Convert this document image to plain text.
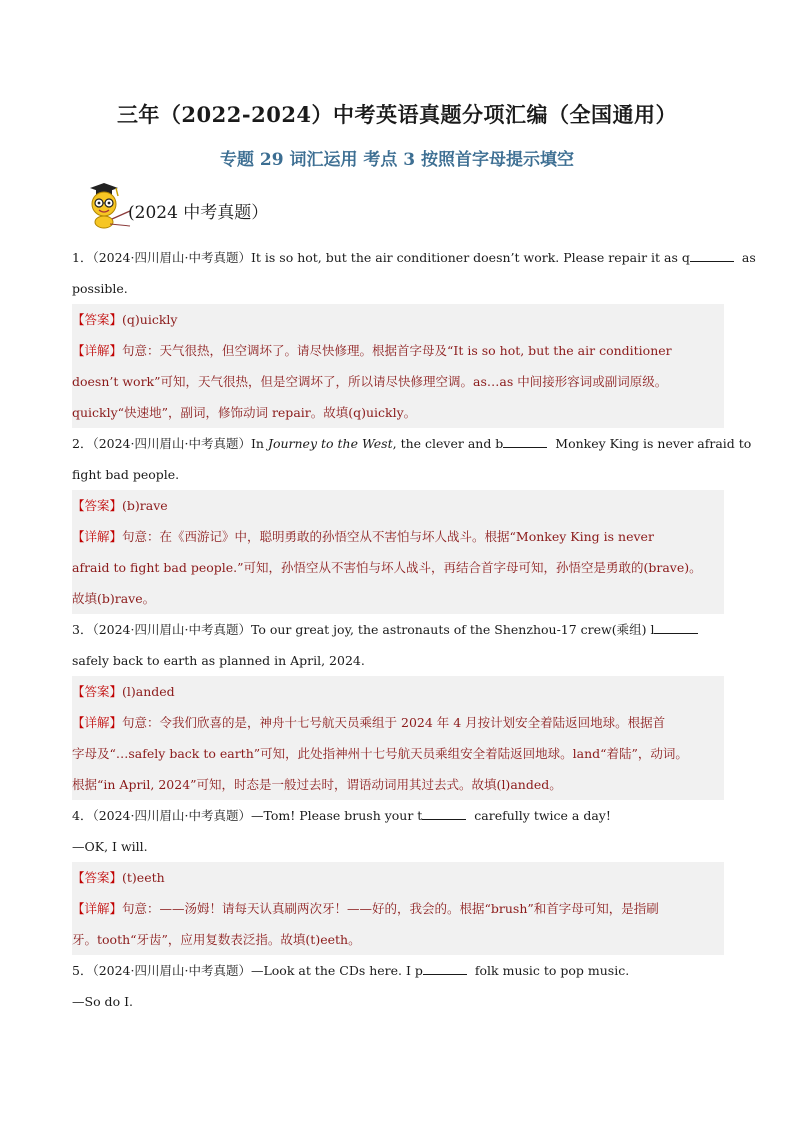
三年（2022-2024）中考英语真题分项汇编（全国通用）
专题 29 词汇运用 考点 3 按照首字母提示填空
(2024 中考真题）
1．（2024·四川眉山·中考真题）It is so hot, but the air conditioner doesn’t work. Please repair it as q	as
possible.
【答案】(q)uickly
【详解】句意：天气很热，但空调坏了。请尽快修理。根据首字母及“It is so hot, but the air conditioner
doesn’t work”可知，天气很热，但是空调坏了，所以请尽快修理空调。as…as 中间接形容词或副词原级。
quickly“快速地”，副词，修饰动词 repair。故填(q)uickly。
2．（2024·四川眉山·中考真题）In Journey to the West, the clever and b	Monkey King is never afraid to
fight bad people.
【答案】(b)rave
【详解】句意：在《西游记》中，聪明勇敢的孙悟空从不害怕与坏人战斗。根据“Monkey King is never
afraid to fight bad people.”可知，孙悟空从不害怕与坏人战斗，再结合首字母可知，孙悟空是勇敢的(brave)。
故填(b)rave。
3．（2024·四川眉山·中考真题）To our great joy, the astronauts of the Shenzhou-17 crew(乘组) l
safely back to earth as planned in April, 2024.
【答案】(l)anded
【详解】句意：令我们欣喜的是，神舟十七号航天员乘组于 2024 年 4 月按计划安全着陆返回地球。根据首
字母及“…safely back to earth”可知，此处指神州十七号航天员乘组安全着陆返回地球。land“着陆”，动词。
根据“in April, 2024”可知，时态是一般过去时，谓语动词用其过去式。故填(l)anded。
4．（2024·四川眉山·中考真题）—Tom! Please brush your t	carefully twice a day!
—OK, I will.
【答案】(t)eeth
【详解】句意：——汤姆！请每天认真刷两次牙！——好的，我会的。根据“brush”和首字母可知，是指刷
牙。tooth“牙齿”，应用复数表泛指。故填(t)eeth。
5．（2024·四川眉山·中考真题）—Look at the CDs here. I p	folk music to pop music.
—So do I.
